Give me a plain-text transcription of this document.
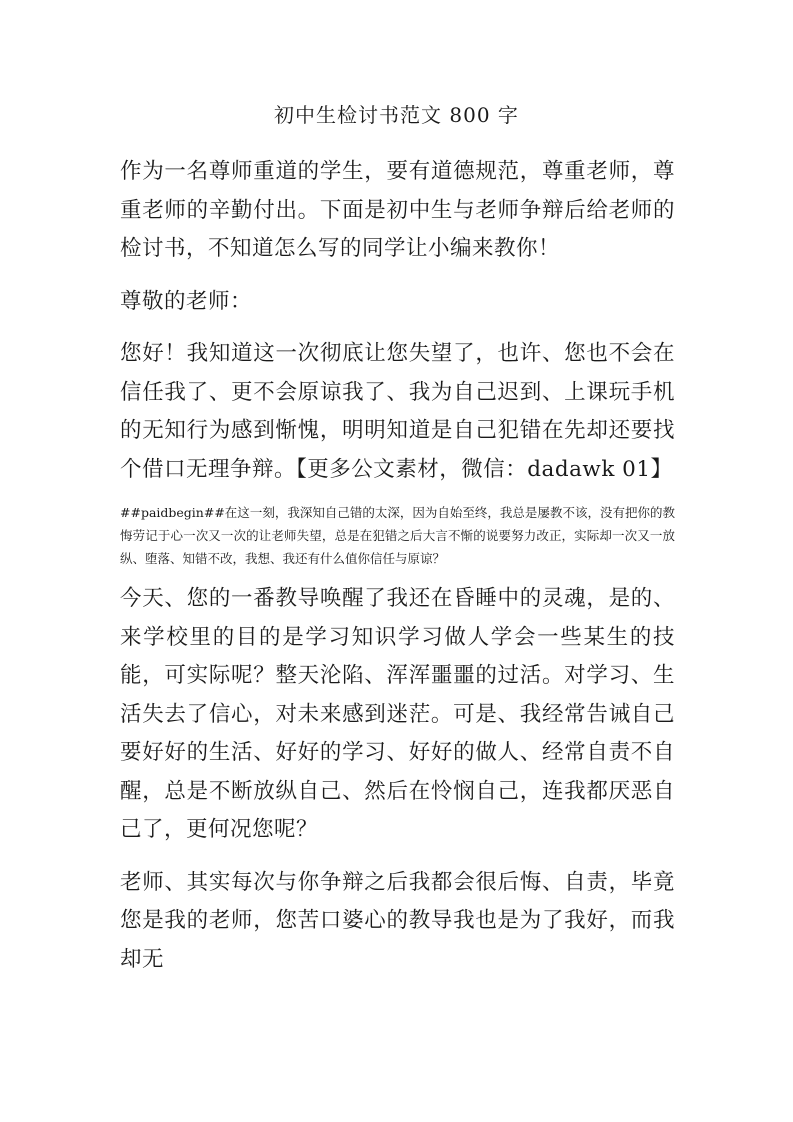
初中生检讨书范文 800 字

作为一名尊师重道的学生，要有道德规范，尊重老师，尊重老师的辛勤付出。下面是初中生与老师争辩后给老师的检讨书，不知道怎么写的同学让小编来教你！

尊敬的老师：

您好！我知道这一次彻底让您失望了，也许、您也不会在信任我了、更不会原谅我了、我为自己迟到、上课玩手机的无知行为感到惭愧，明明知道是自己犯错在先却还要找个借口无理争辩。【更多公文素材，微信：dadawk 01】

##paidbegin##在这一刻，我深知自己错的太深，因为自始至终，我总是屡教不该，没有把你的教悔劳记于心一次又一次的让老师失望，总是在犯错之后大言不惭的说要努力改正，实际却一次又一放纵、堕落、知错不改，我想、我还有什么值你信任与原谅？

今天、您的一番教导唤醒了我还在昏睡中的灵魂，是的、来学校里的目的是学习知识学习做人学会一些某生的技能，可实际呢？整天沦陷、浑浑噩噩的过活。对学习、生活失去了信心，对未来感到迷茫。可是、我经常告诫自己要好好的生活、好好的学习、好好的做人、经常自责不自醒，总是不断放纵自己、然后在怜悯自己，连我都厌恶自己了，更何况您呢？

老师、其实每次与你争辩之后我都会很后悔、自责，毕竟您是我的老师，您苦口婆心的教导我也是为了我好，而我却无
